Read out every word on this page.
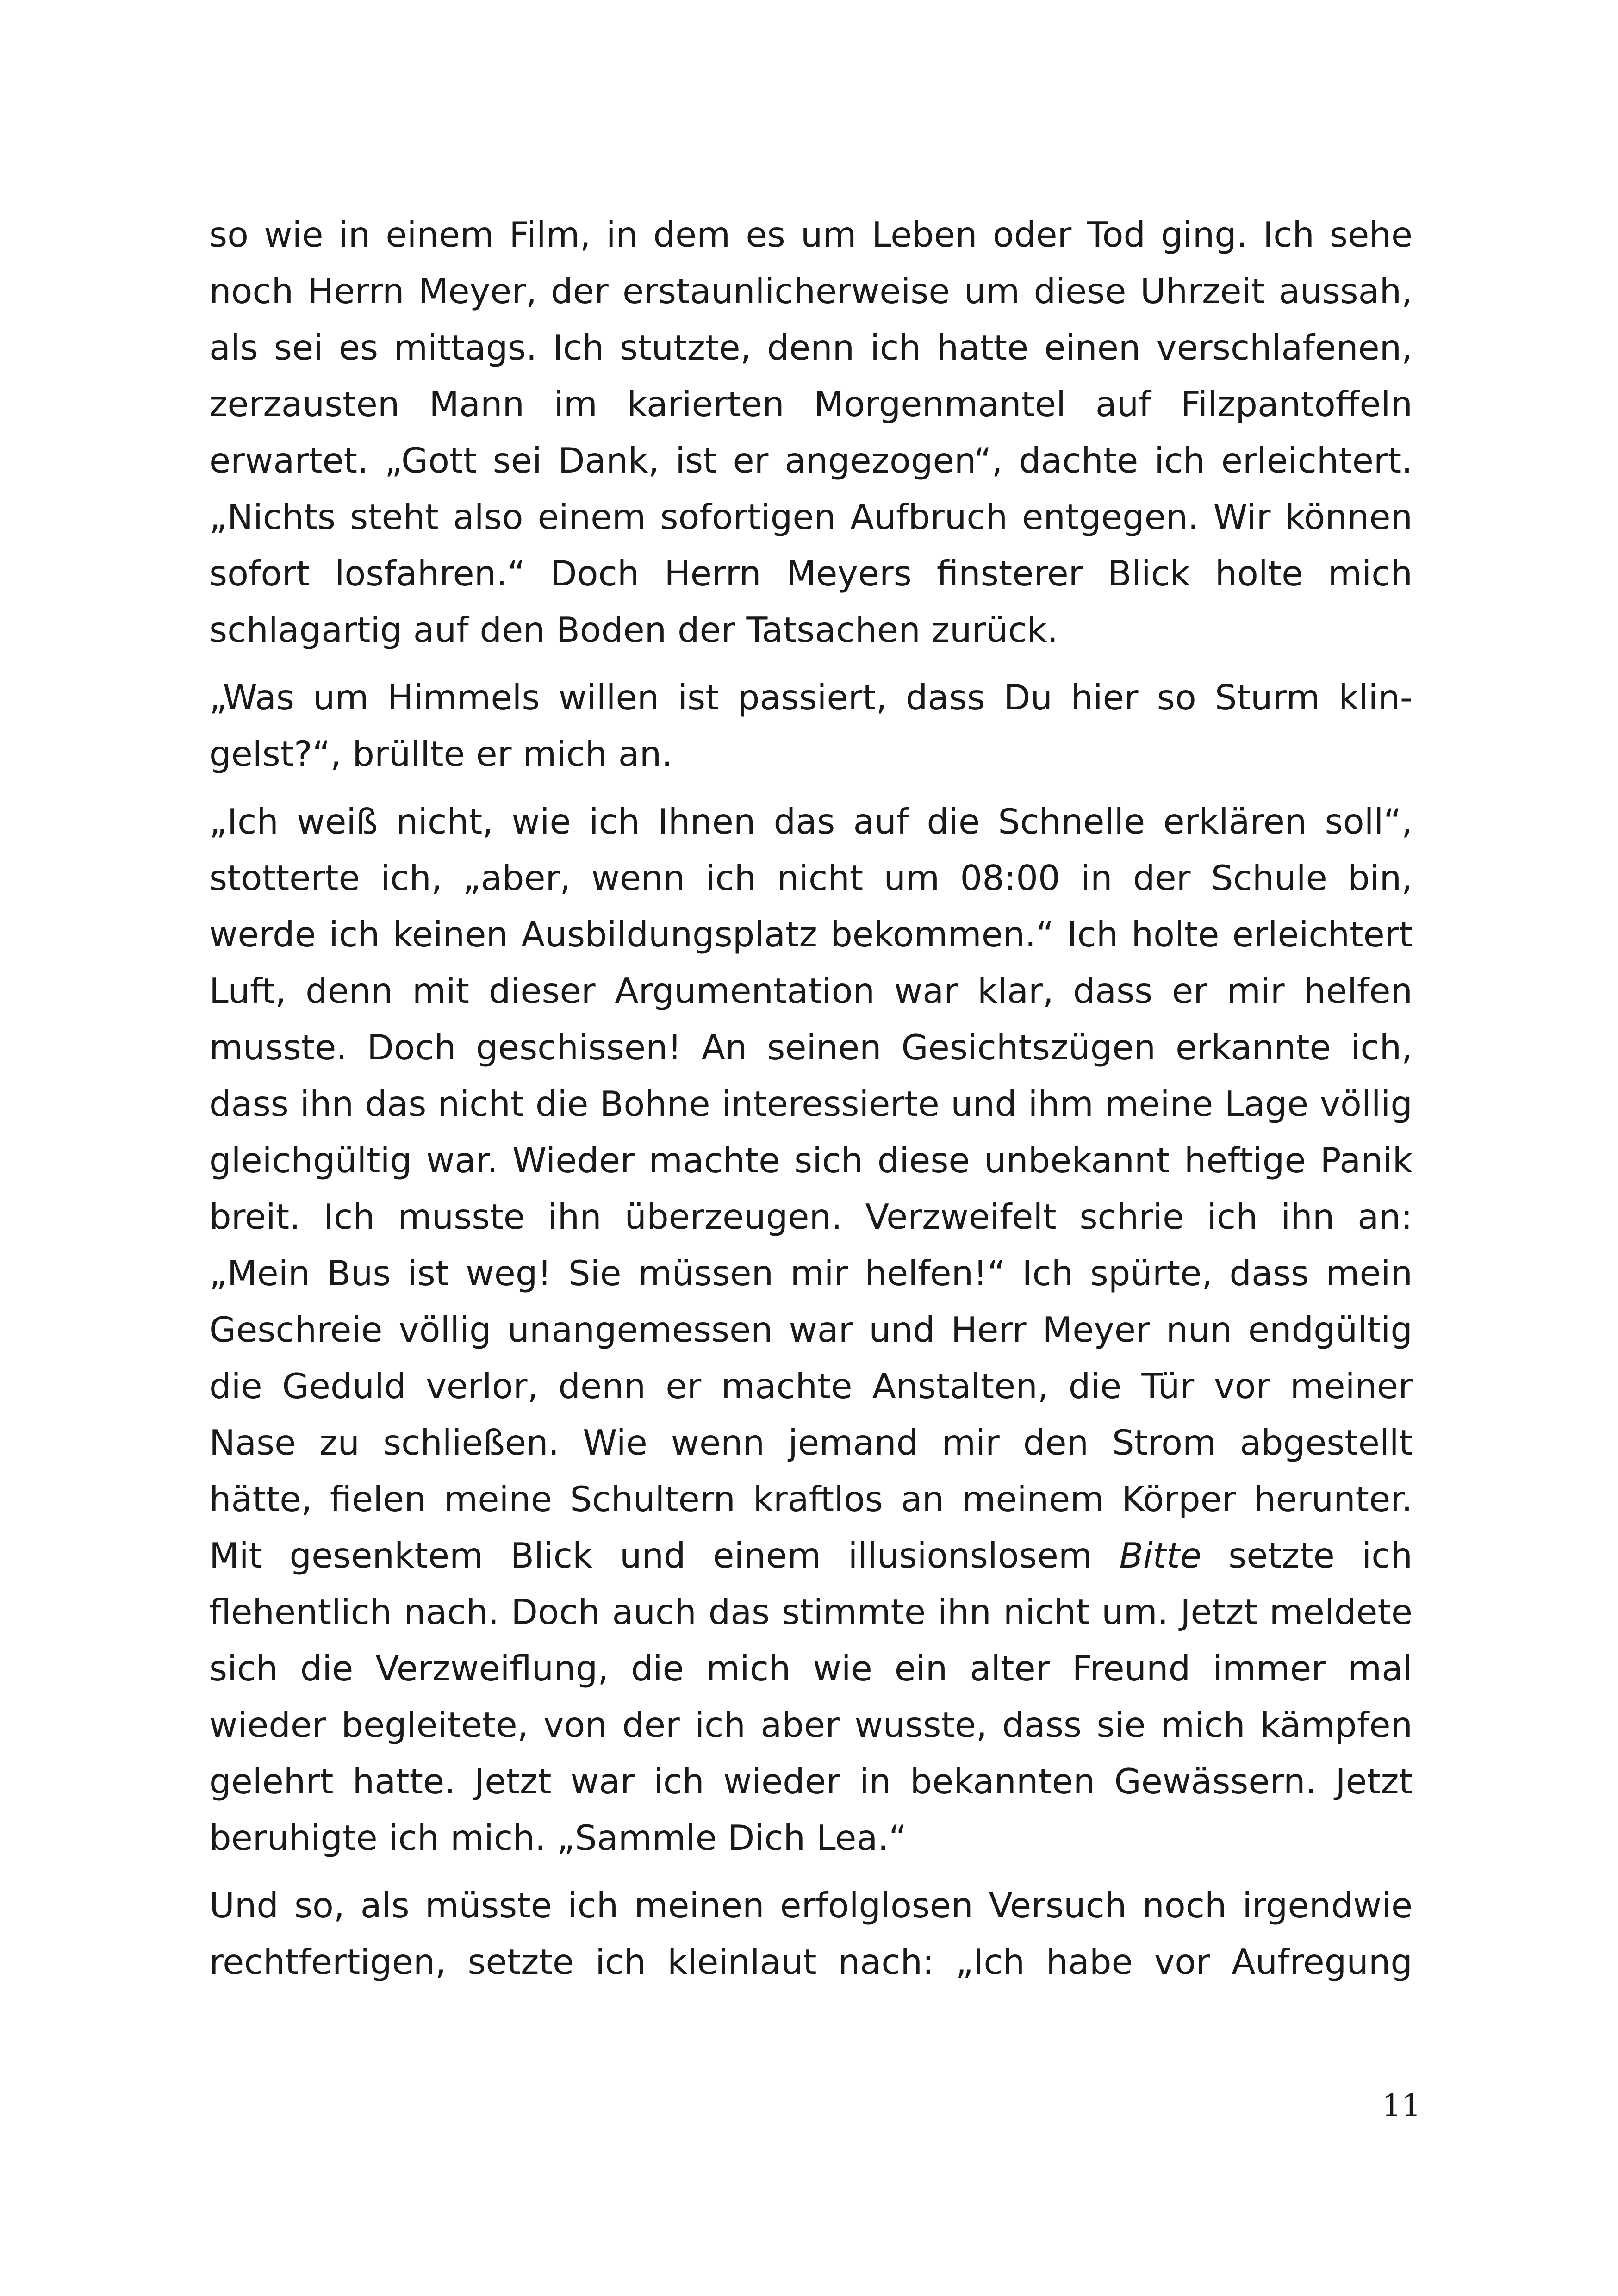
so wie in einem Film, in dem es um Leben oder Tod ging. Ich sehe noch Herrn Meyer, der erstaunlicherweise um diese Uhrzeit aussah, als sei es mittags. Ich stutzte, denn ich hatte einen verschlafenen, zerzausten Mann im karierten Morgenmantel auf Filzpantoffeln erwartet. „Gott sei Dank, ist er angezogen“, dachte ich erleichtert. „Nichts steht also einem sofortigen Aufbruch entgegen. Wir können sofort losfahren.“ Doch Herrn Meyers finsterer Blick holte mich schlagartig auf den Boden der Tatsachen zurück.

„Was um Himmels willen ist passiert, dass Du hier so Sturm klingelst?“, brüllte er mich an.

„Ich weiß nicht, wie ich Ihnen das auf die Schnelle erklären soll“, stotterte ich, „aber, wenn ich nicht um 08:00 in der Schule bin, werde ich keinen Ausbildungsplatz bekommen.“ Ich holte erleichtert Luft, denn mit dieser Argumentation war klar, dass er mir helfen musste. Doch geschissen! An seinen Gesichtszügen erkannte ich, dass ihn das nicht die Bohne interessierte und ihm meine Lage völlig gleichgültig war. Wieder machte sich diese unbekannt heftige Panik breit. Ich musste ihn überzeugen. Verzweifelt schrie ich ihn an: „Mein Bus ist weg! Sie müssen mir helfen!“ Ich spürte, dass mein Geschreie völlig unangemessen war und Herr Meyer nun endgültig die Geduld verlor, denn er machte Anstalten, die Tür vor meiner Nase zu schließen. Wie wenn jemand mir den Strom abgestellt hätte, fielen meine Schultern kraftlos an meinem Körper herunter. Mit gesenktem Blick und einem illusionslosem Bitte setzte ich flehentlich nach. Doch auch das stimmte ihn nicht um. Jetzt meldete sich die Verzweiflung, die mich wie ein alter Freund immer mal wieder begleitete, von der ich aber wusste, dass sie mich kämpfen gelehrt hatte. Jetzt war ich wieder in bekannten Gewässern. Jetzt beruhigte ich mich. „Sammle Dich Lea.“

Und so, als müsste ich meinen erfolglosen Versuch noch irgendwie rechtfertigen, setzte ich kleinlaut nach: „Ich habe vor Aufregung

11
